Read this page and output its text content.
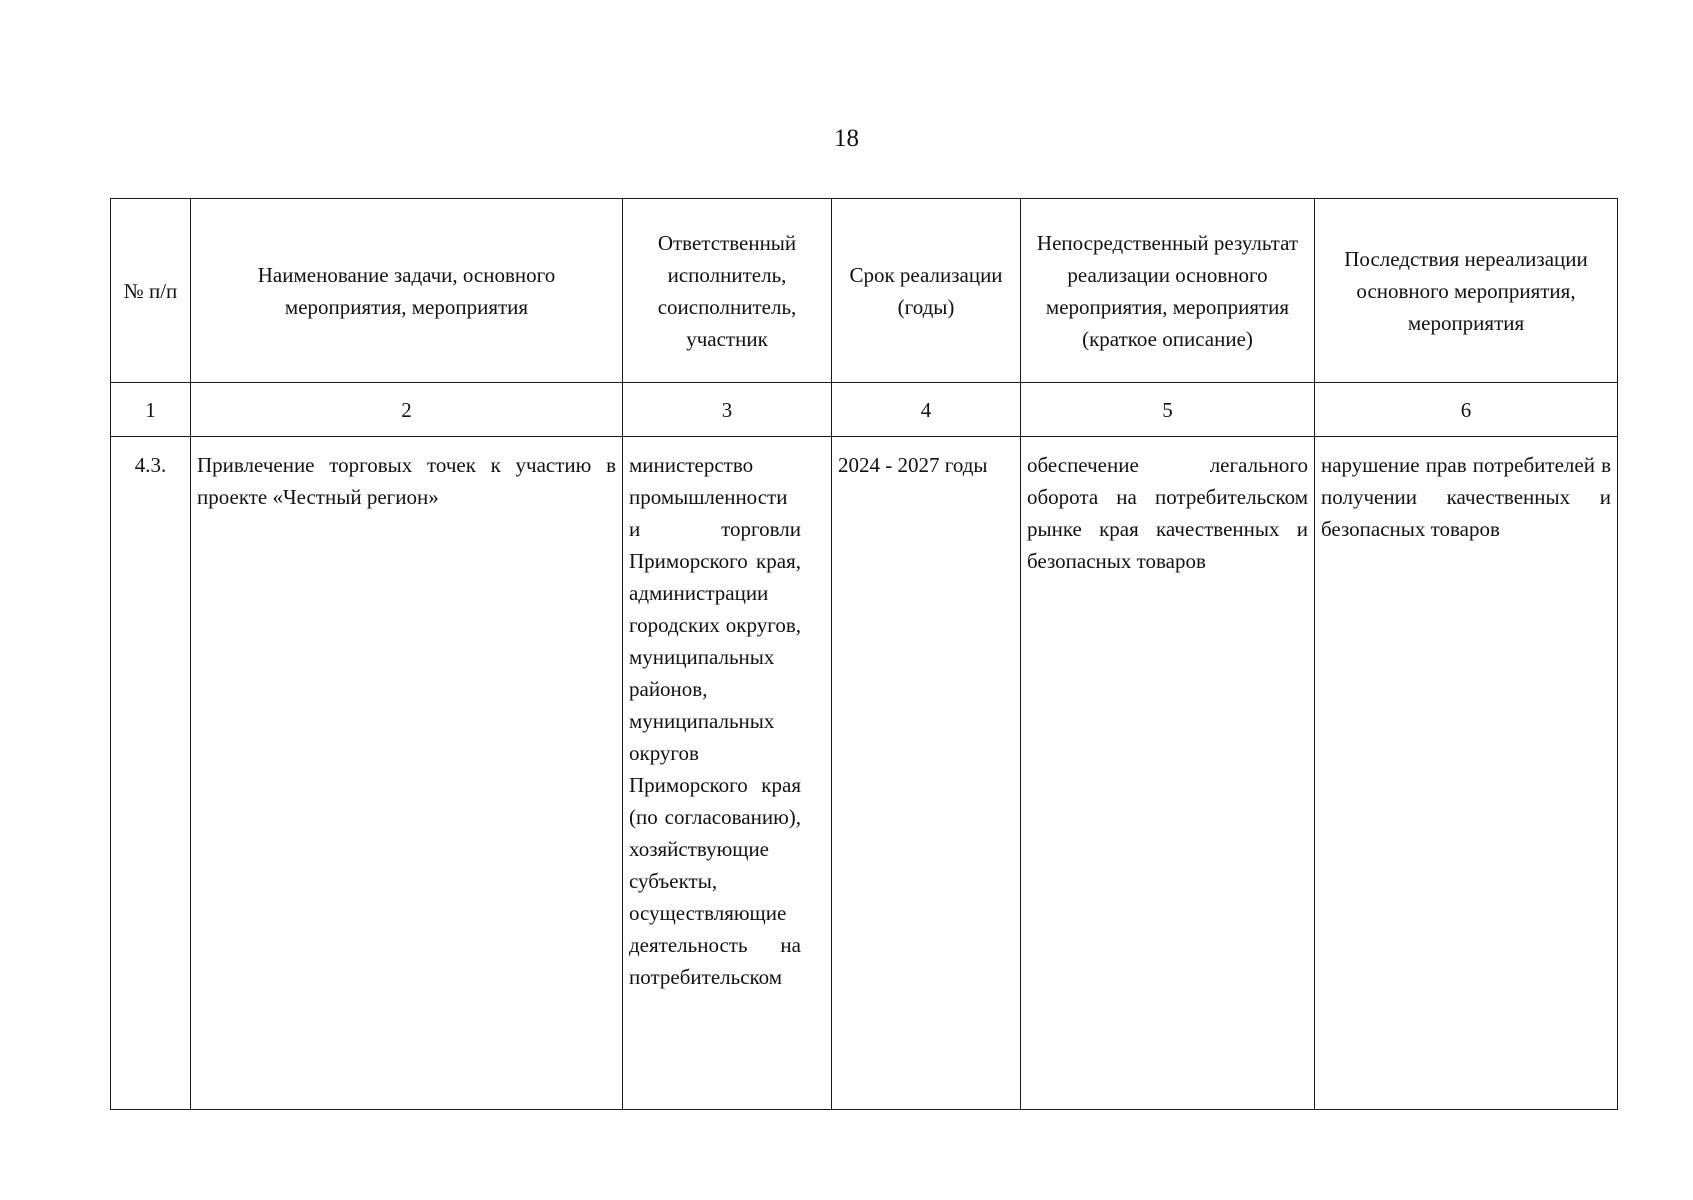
18
№ п/п	Наименование задачи, основного мероприятия, мероприятия	Ответственный исполнитель, соисполнитель, участник	Срок реализации (годы)	Непосредственный результат реализации основного мероприятия, мероприятия (краткое описание)	Последствия нереализации основного мероприятия, мероприятия
1	2	3	4	5	6
4.3.	Привлечение торговых точек к участию в проекте «Честный регион»	министерство промышленности и торговли Приморского края, администрации городских округов, муниципальных районов, муниципальных округов Приморского края (по согласованию), хозяйствующие субъекты, осуществляющие деятельность на потребительском	2024 - 2027 годы	обеспечение легального оборота на потребительском рынке края качественных и безопасных товаров	нарушение прав потребителей в получении качественных и безопасных товаров
